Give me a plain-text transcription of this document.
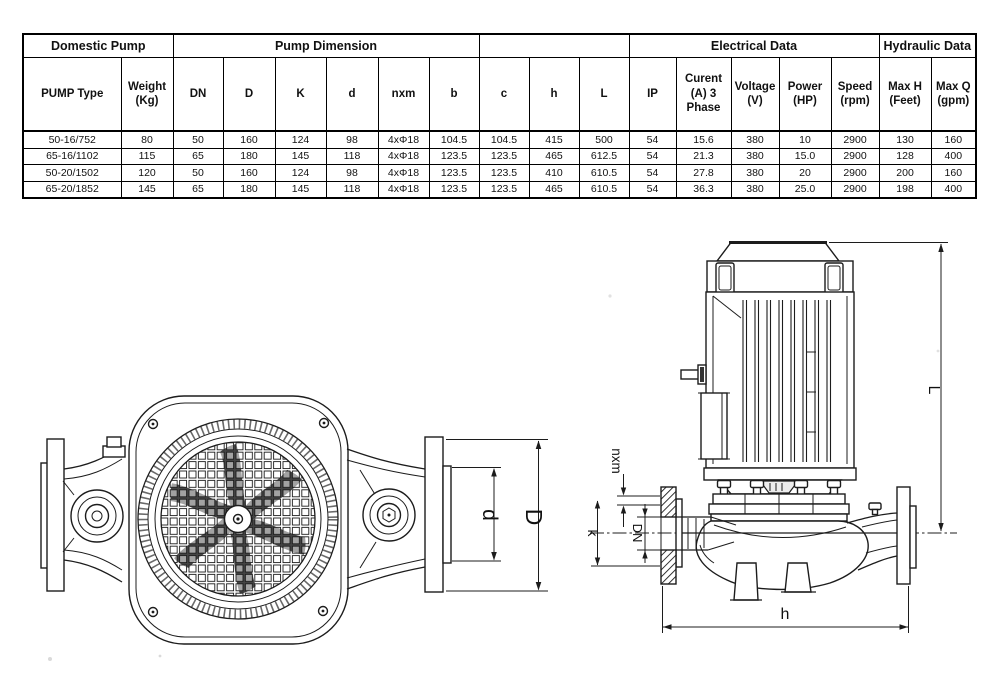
Domestic Pump		Pump Dimension									Electrical Data					Hydraulic Data	
PUMP Type	Weight (Kg)	DN	D	K	d	nxm	b	c	h	L	IP	Curent (A) 3 Phase	Voltage (V)	Power (HP)	Speed (rpm)	Max H (Feet)	Max Q (gpm)
50-16/752	80	50	160	124	98	4xΦ18	104.5	104.5	415	500	54	15.6	380	10	2900	130	160
65-16/1102	115	65	180	145	118	4xΦ18	123.5	123.5	465	612.5	54	21.3	380	15.0	2900	128	400
50-20/1502	120	50	160	124	98	4xΦ18	123.5	123.5	410	610.5	54	27.8	380	20	2900	200	160
65-20/1852	145	65	180	145	118	4xΦ18	123.5	123.5	465	610.5	54	36.3	380	25.0	2900	198	400
d D
L
h
nxm
k DN
